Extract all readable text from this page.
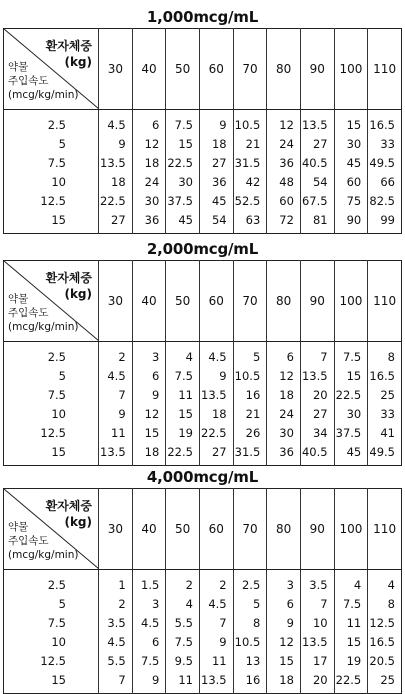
1,000mcg/mL
환자체중
(kg)
약물
주입속도
(mcg/kg/min)	30	40	50	60	70	80	90	100	110
2.5	4.5	6	7.5	9	10.5	12	13.5	15	16.5
5	9	12	15	18	21	24	27	30	33
7.5	13.5	18	22.5	27	31.5	36	40.5	45	49.5
10	18	24	30	36	42	48	54	60	66
12.5	22.5	30	37.5	45	52.5	60	67.5	75	82.5
15	27	36	45	54	63	72	81	90	99
2,000mcg/mL
환자체중
(kg)
약물
주입속도
(mcg/kg/min)	30	40	50	60	70	80	90	100	110
2.5	2	3	4	4.5	5	6	7	7.5	8
5	4.5	6	7.5	9	10.5	12	13.5	15	16.5
7.5	7	9	11	13.5	16	18	20	22.5	25
10	9	12	15	18	21	24	27	30	33
12.5	11	15	19	22.5	26	30	34	37.5	41
15	13.5	18	22.5	27	31.5	36	40.5	45	49.5
4,000mcg/mL
환자체중
(kg)
약물
주입속도
(mcg/kg/min)	30	40	50	60	70	80	90	100	110
2.5	1	1.5	2	2	2.5	3	3.5	4	4
5	2	3	4	4.5	5	6	7	7.5	8
7.5	3.5	4.5	5.5	7	8	9	10	11	12.5
10	4.5	6	7.5	9	10.5	12	13.5	15	16.5
12.5	5.5	7.5	9.5	11	13	15	17	19	20.5
15	7	9	11	13.5	16	18	20	22.5	25
